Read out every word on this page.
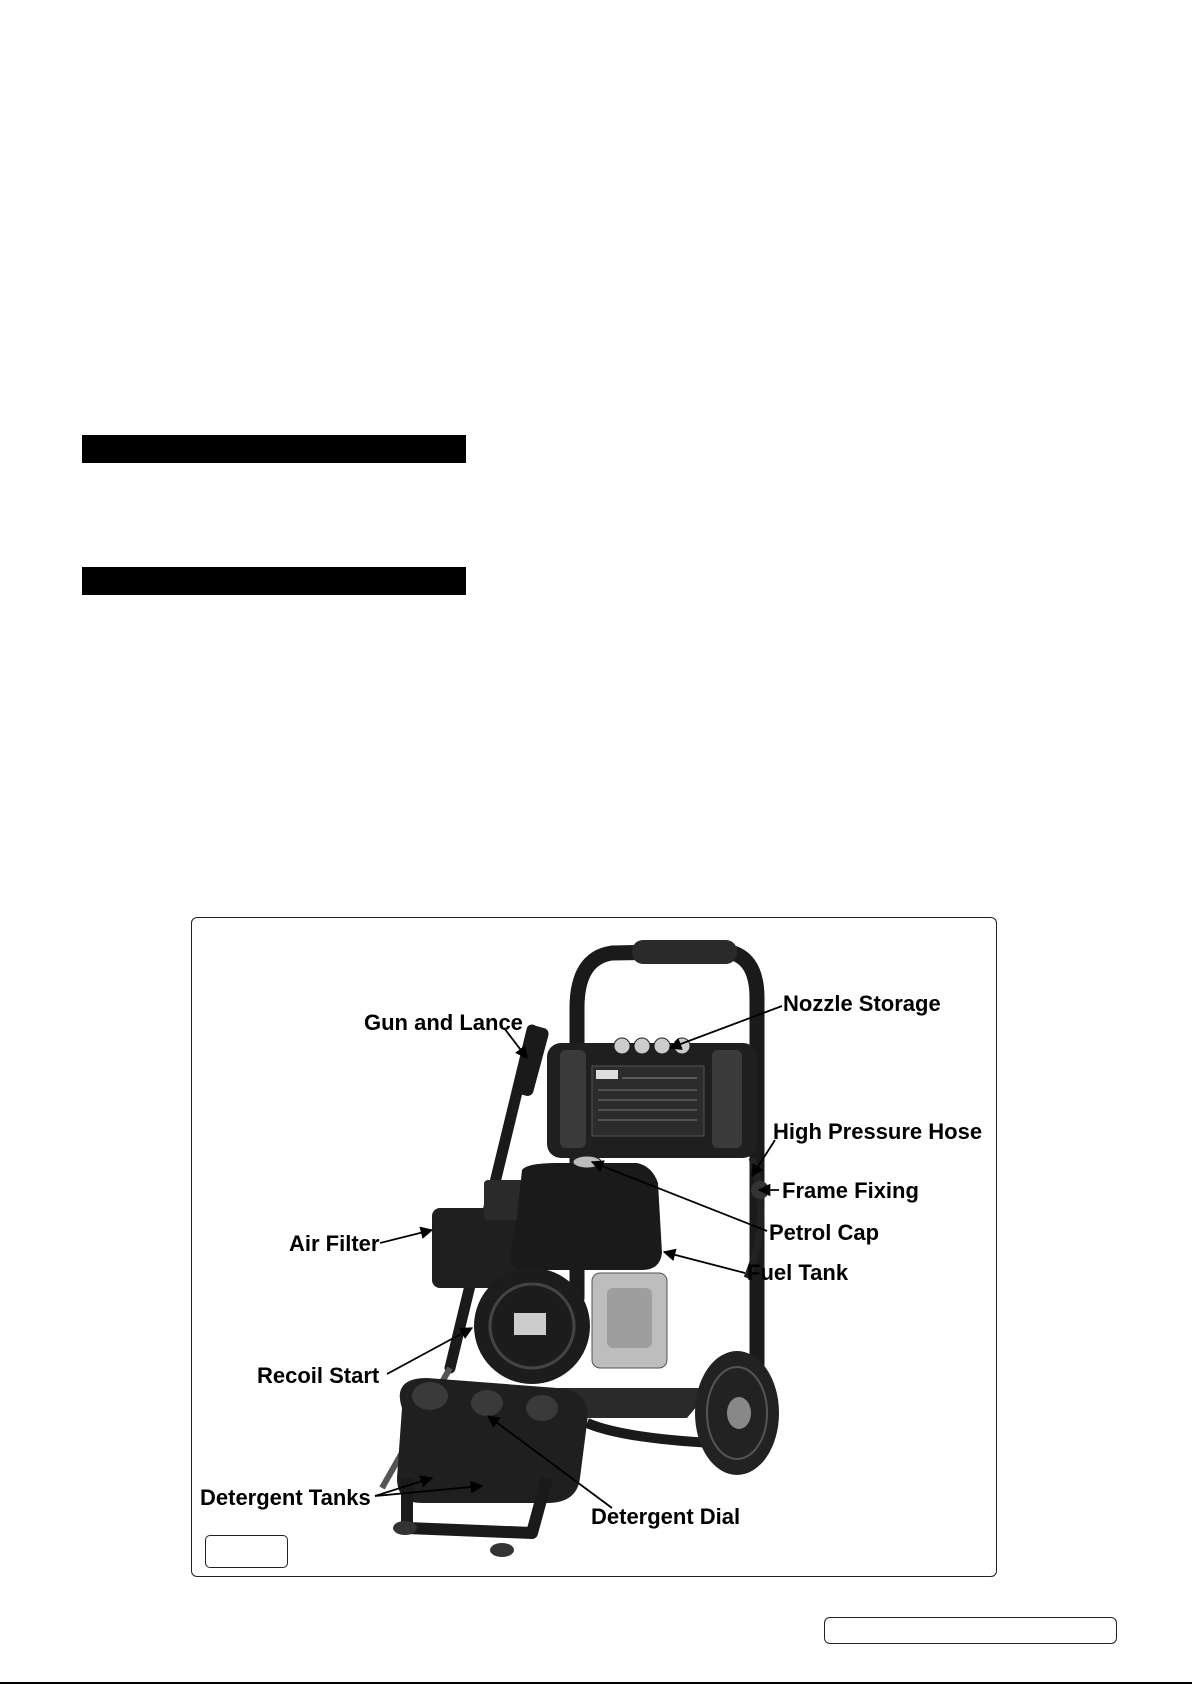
Gun and Lance
Nozzle Storage
High Pressure Hose
Frame Fixing
Air Filter	Petrol Cap
Fuel Tank
Recoil Start
Detergent Tanks
Detergent Dial
